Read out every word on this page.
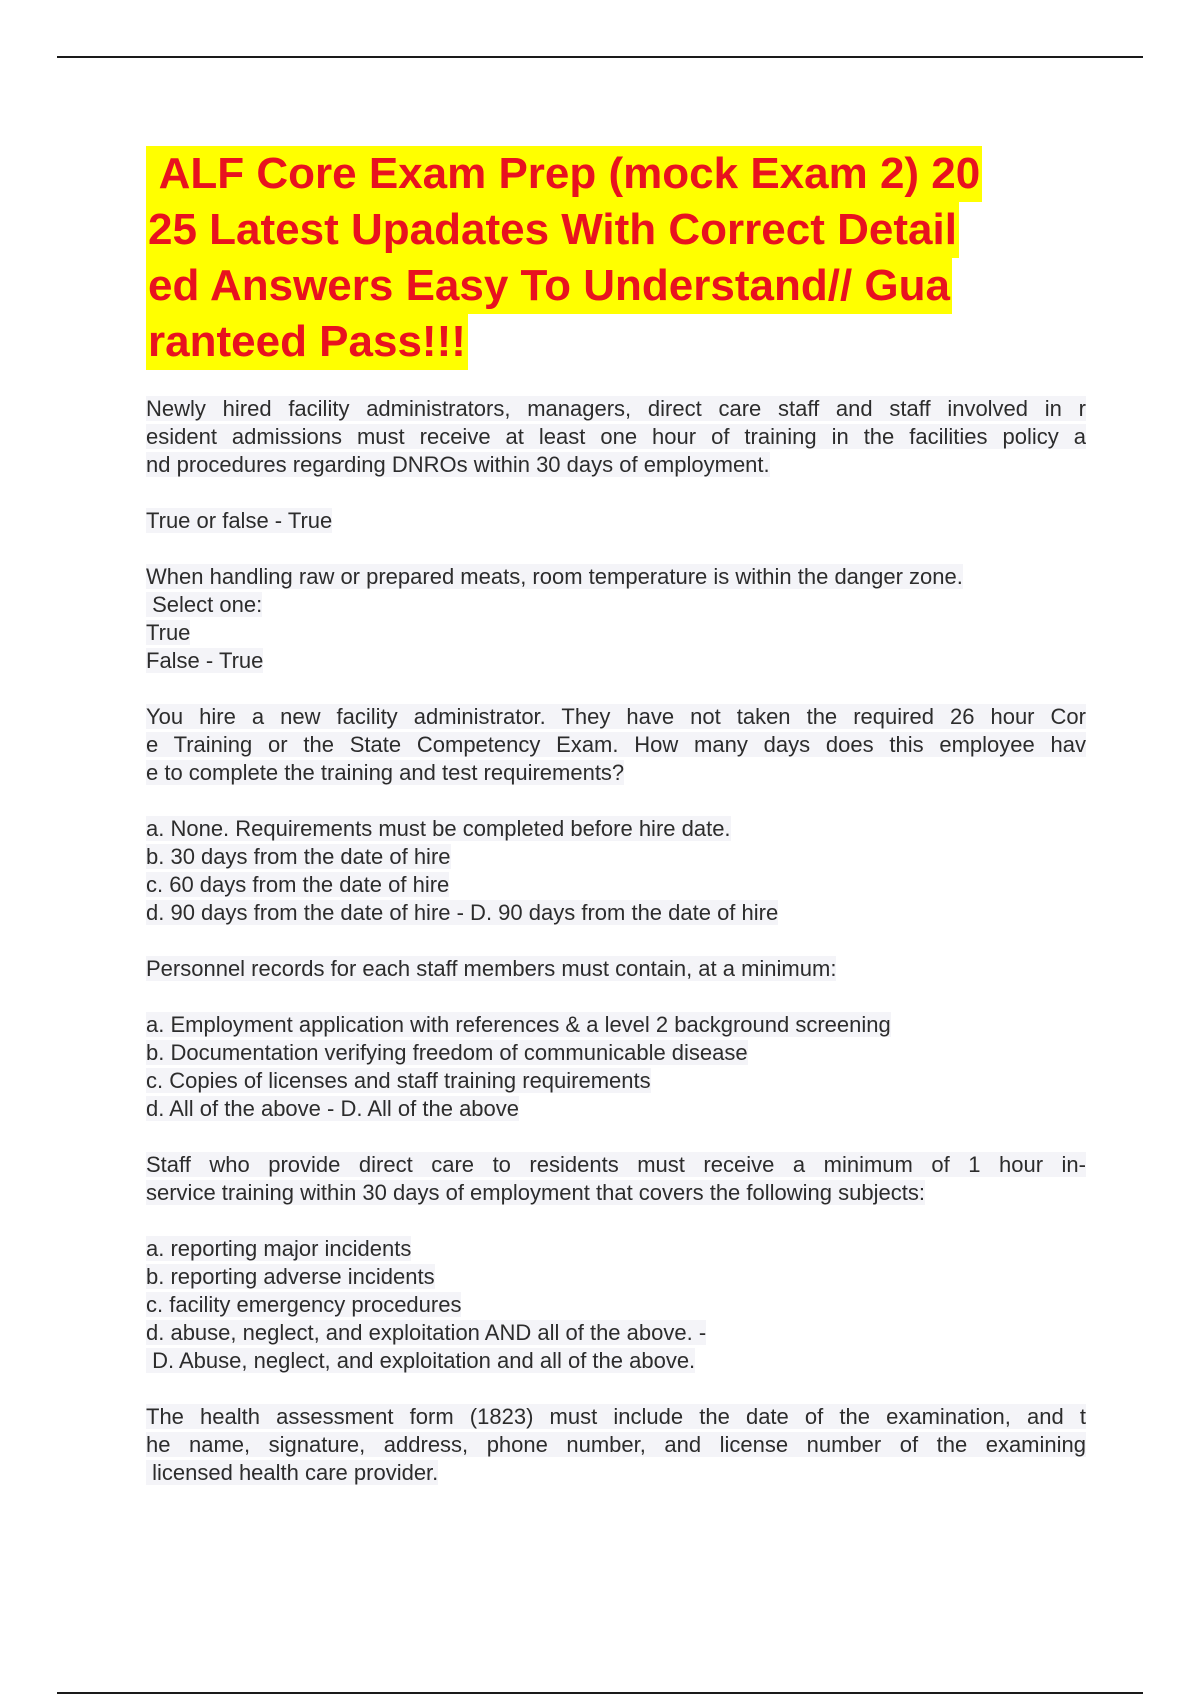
ALF Core Exam Prep (mock Exam 2) 20
25 Latest Upadates With Correct Detail
ed Answers Easy To Understand// Gua
ranteed Pass!!!
Newly hired facility administrators, managers, direct care staff and staff involved in r
esident admissions must receive at least one hour of training in the facilities policy a
nd procedures regarding DNROs within 30 days of employment.
True or false - True
When handling raw or prepared meats, room temperature is within the danger zone.
Select one:
True
False - True
You hire a new facility administrator. They have not taken the required 26 hour Cor
e Training or the State Competency Exam. How many days does this employee hav
e to complete the training and test requirements?
a. None. Requirements must be completed before hire date.
b. 30 days from the date of hire
c. 60 days from the date of hire
d. 90 days from the date of hire - D. 90 days from the date of hire
Personnel records for each staff members must contain, at a minimum:
a. Employment application with references & a level 2 background screening
b. Documentation verifying freedom of communicable disease
c. Copies of licenses and staff training requirements
d. All of the above - D. All of the above
Staff who provide direct care to residents must receive a minimum of 1 hour in-
service training within 30 days of employment that covers the following subjects:
a. reporting major incidents
b. reporting adverse incidents
c. facility emergency procedures
d. abuse, neglect, and exploitation AND all of the above. -
D. Abuse, neglect, and exploitation and all of the above.
The health assessment form (1823) must include the date of the examination, and t
he name, signature, address, phone number, and license number of the examining
licensed health care provider.
